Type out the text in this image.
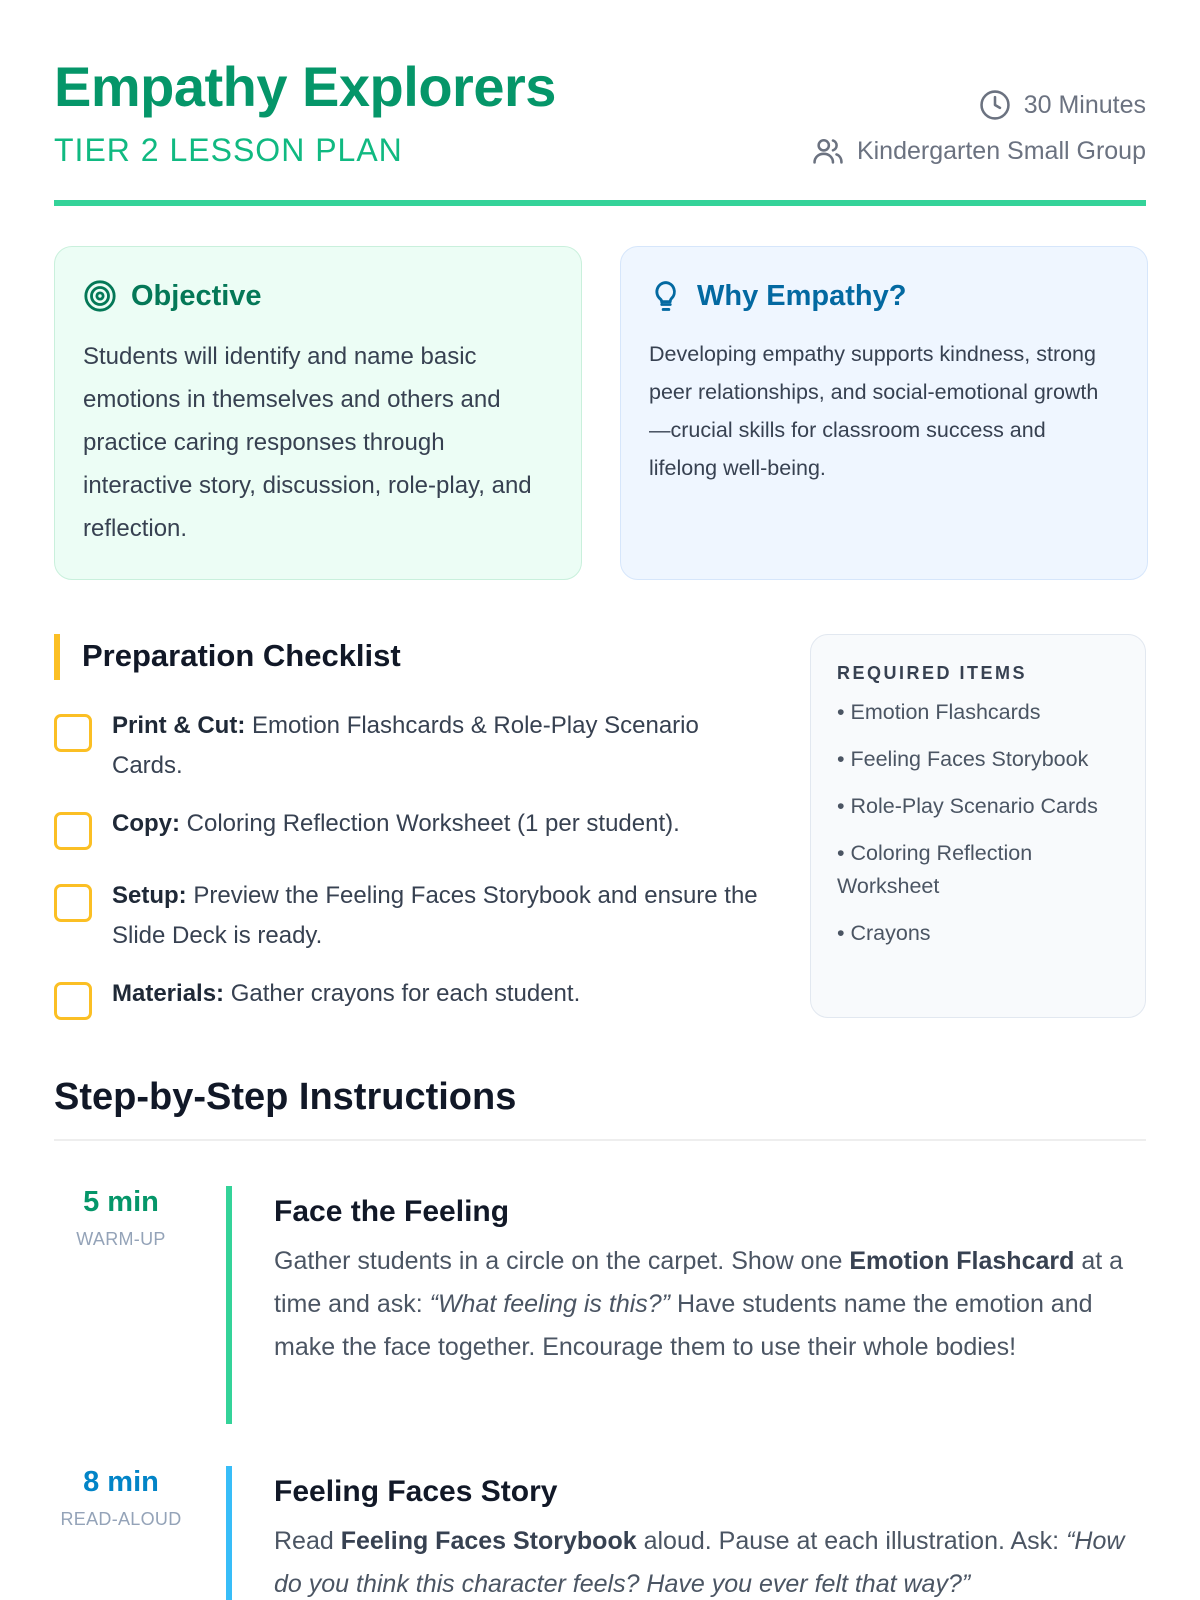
Empathy Explorers
TIER 2 LESSON PLAN
30 Minutes
Kindergarten Small Group
Objective

Students will identify and name basic emotions in themselves and others and practice caring responses through interactive story, discussion, role-play, and reflection.

Why Empathy?

Developing empathy supports kindness, strong peer relationships, and social-emotional growth—crucial skills for classroom success and lifelong well-being.

Preparation Checklist
Print & Cut: Emotion Flashcards & Role-Play Scenario Cards.
Copy: Coloring Reflection Worksheet (1 per student).
Setup: Preview the Feeling Faces Storybook and ensure the Slide Deck is ready.
Materials: Gather crayons for each student.
REQUIRED ITEMS
• Emotion Flashcards
• Feeling Faces Storybook
• Role-Play Scenario Cards
• Coloring Reflection Worksheet
• Crayons
Step-by-Step Instructions
5 min
WARM-UP
Face the Feeling

Gather students in a circle on the carpet. Show one Emotion Flashcard at a time and ask: “What feeling is this?” Have students name the emotion and make the face together. Encourage them to use their whole bodies!

8 min
READ-ALOUD
Feeling Faces Story

Read Feeling Faces Storybook aloud. Pause at each illustration. Ask: “How do you think this character feels? Have you ever felt that way?”
